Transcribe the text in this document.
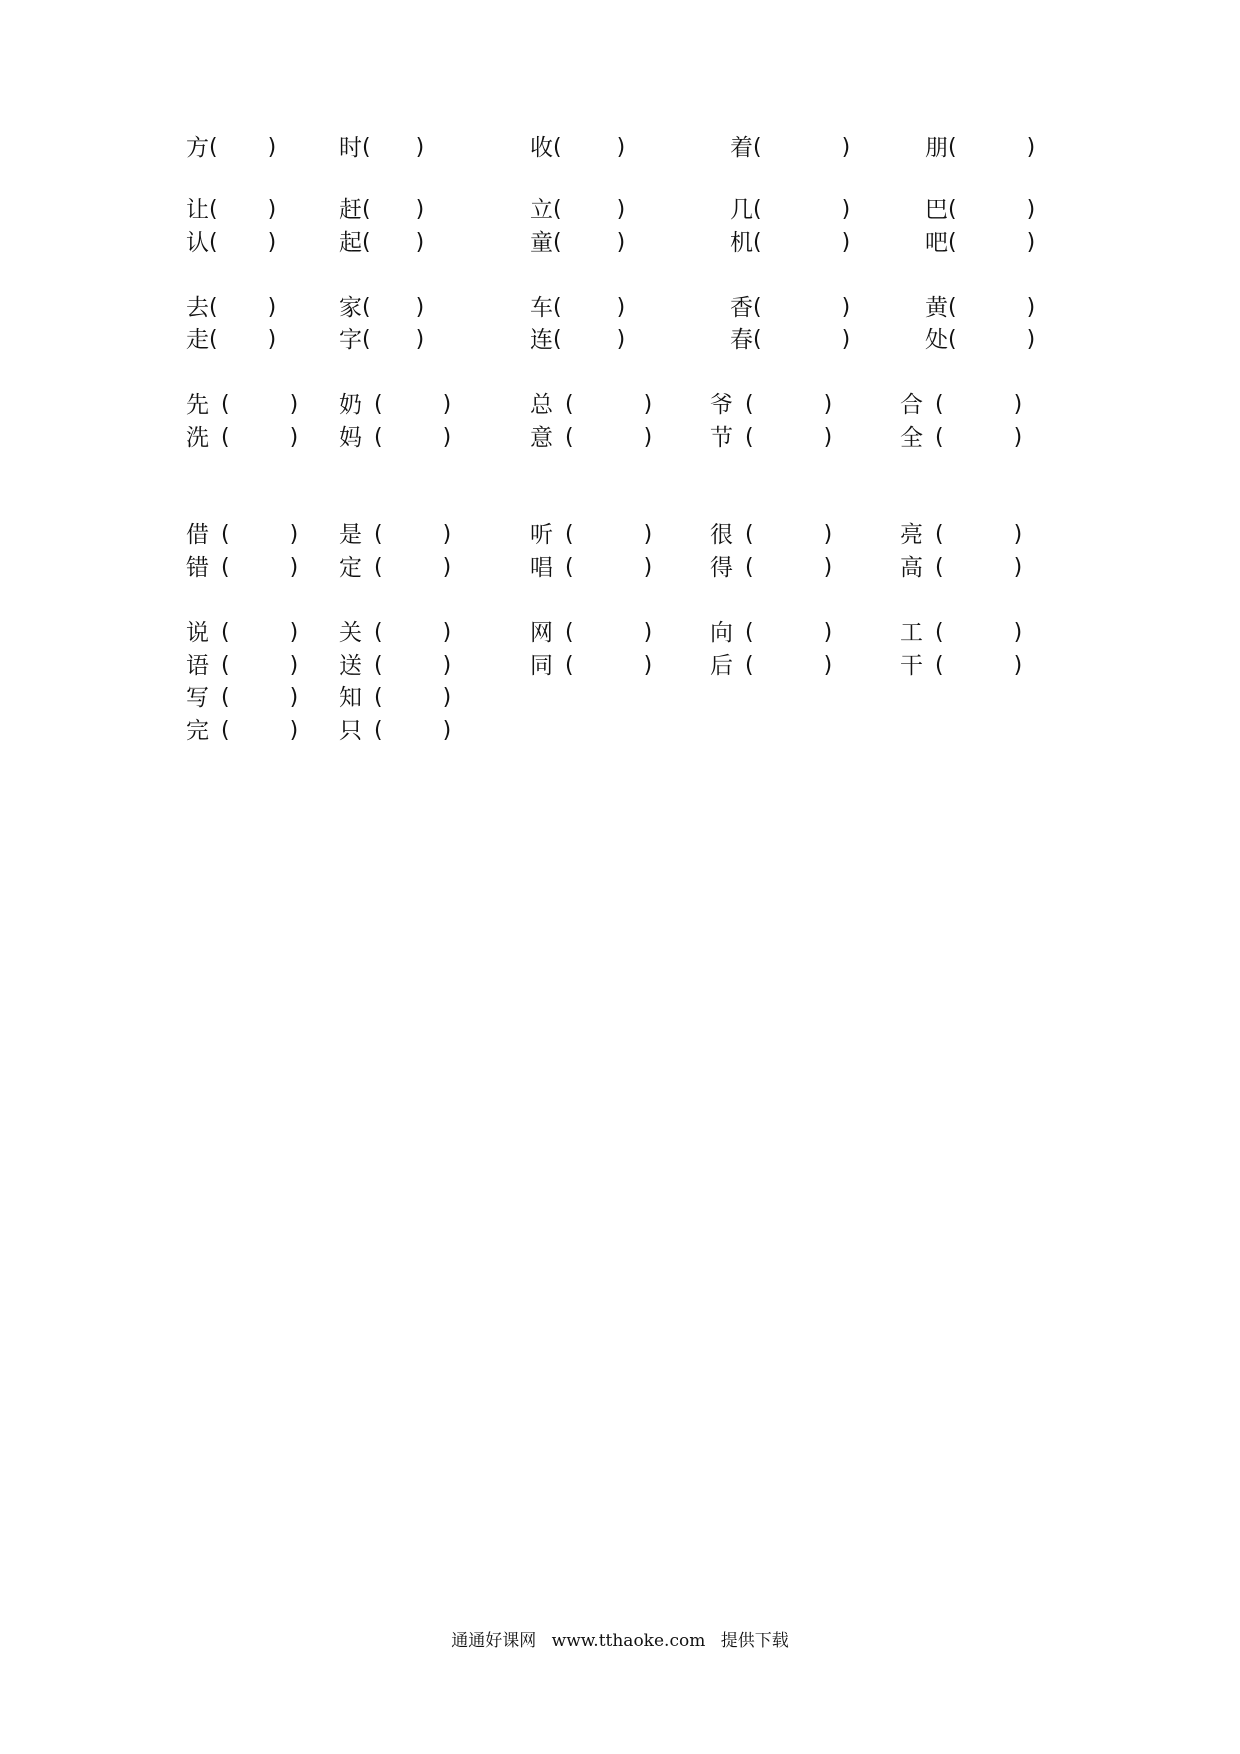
方 ( )	时 ( )	收 (	)	着 (	)	朋 (	)
让 ( )	赶 ( )	立 (	)	几 (	)	巴 (	)
认 ( )	起 ( )	童 (	)	机 (	)	吧 (	)
去 ( )	家 ( )	车 (	)	香 (	)	黄 (	)
走 ( )	字 ( )	连 (	)	春 (	)	处 (	)
先 (	) 奶 (	)	总 (	)	爷 (	)	合 (	)
洗 (	) 妈 (	)	意 (	)	节 (	)	全 (	)
借 (	) 是 (	)	听 (	)	很 (	)	亮 (	)
错 (	) 定 (	)	唱 (	)	得 (	)	高 (	)
说 (	) 关 (	)	网 (	)	向 (	)	工 (	)
语 (	) 送 (	)	同 (	)	后 (	)	干 (	)
写 (	) 知 (	)
完 (	) 只 (	)
通通好课网 www.tthaoke.com 提供下载
